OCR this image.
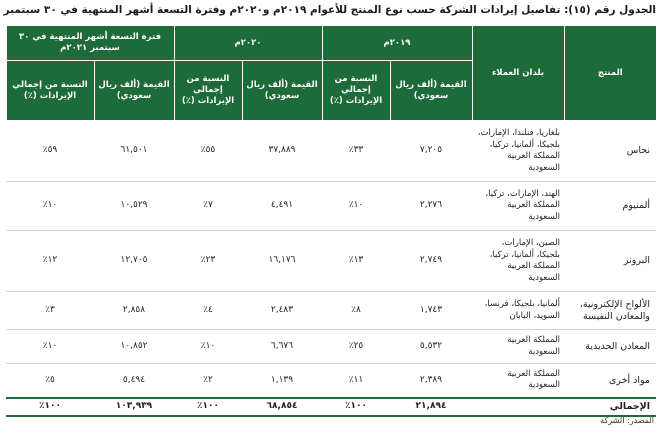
الجدول رقم (١٥): تفاصيل إيرادات الشركة حسب نوع المنتج للأعوام ٢٠١٩م و٢٠٢٠م وفترة التسعة أشهر المنتهية في ٣٠ سبتمبر
المنتج	بلدان العملاء	٢٠١٩م		٢٠٢٠م		فترة التسعة أشهر المنتهية في ٣٠ سبتمبر ٢٠٢١م	
		القيمة (ألف ريال سعودي)	النسبة من إجمالي الإيرادات (٪)	القيمة (ألف ريال سعودي)	النسبة من إجمالي الإيرادات (٪)	القيمة (ألف ريال سعودي)	النسبة من إجمالي الإيرادات (٪)
نحاس	بلغاريا، فنلندا، الإمارات، بلجيكا، ألمانيا، تركيا، المملكة العربية السعودية	٧,٢٠٥	٣٣٪	٣٧,٨٨٩	٥٥٪	٦١,٥٠١	٥٩٪
ألمنيوم	الهند، الإمارات، تركيا، المملكة العربية السعودية	٢,٢٧٦	١٠٪	٤,٤٩١	٧٪	١٠,٥٢٩	١٠٪
البرونز	الصين، الإمارات، بلجيكا، ألمانيا، تركيا، المملكة العربية السعودية	٢,٧٤٩	١٣٪	١٦,١٧٦	٢٣٪	١٢,٧٠٥	١٢٪
الألواح الإلكترونية، والمعادن النفيسة	ألمانيا، بلجيكا، فرنسا، السويد، اليابان	١,٧٤٣	٨٪	٢,٤٨٣	٤٪	٢,٨٥٨	٣٪
المعادن الحديدية	المملكة العربية السعودية	٥,٥٣٢	٢٥٪	٦,٦٧٦	١٠٪	١٠,٨٥٢	١٠٪
مواد أخرى	المملكة العربية السعودية	٢,٣٨٩	١١٪	١,١٣٩	٢٪	٥,٤٩٤	٥٪
الإجمالي		٢١,٨٩٤	١٠٠٪	٦٨,٨٥٤	١٠٠٪	١٠٣,٩٣٩	١٠٠٪
المصدر: الشركة
